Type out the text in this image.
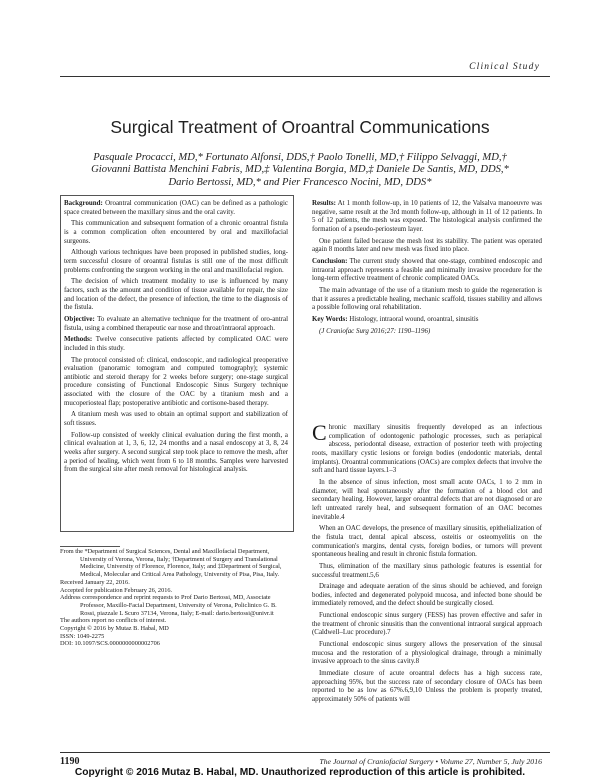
Clinical Study
Surgical Treatment of Oroantral Communications
Pasquale Procacci, MD,* Fortunato Alfonsi, DDS,† Paolo Tonelli, MD,† Filippo Selvaggi, MD,†
Giovanni Battista Menchini Fabris, MD,‡ Valentina Borgia, MD,‡ Daniele De Santis, MD, DDS,*
Dario Bertossi, MD,* and Pier Francesco Nocini, MD, DDS*

Background: Oroantral communication (OAC) can be defined as a pathologic space created between the maxillary sinus and the oral cavity.

This communication and subsequent formation of a chronic oroantral fistula is a common complication often encountered by oral and maxillofacial surgeons.

Although various techniques have been proposed in published studies, long-term successful closure of oroantral fistulas is still one of the most difficult problems confronting the surgeon working in the oral and maxillofacial region.

The decision of which treatment modality to use is influenced by many factors, such as the amount and condition of tissue available for repair, the size and location of the defect, the presence of infection, the time to the diagnosis of the fistula.

Objective: To evaluate an alternative technique for the treatment of oro-antral fistula, using a combined therapeutic ear nose and throat/intraoral approach.

Methods: Twelve consecutive patients affected by complicated OAC were included in this study.

The protocol consisted of: clinical, endoscopic, and radiological preoperative evaluation (panoramic tomogram and computed tomography); systemic antibiotic and steroid therapy for 2 weeks before surgery; one-stage surgical procedure consisting of Functional Endoscopic Sinus Surgery technique associated with the closure of the OAC by a titanium mesh and a mucoperiosteal flap; postoperative antibiotic and cortisone-based therapy.

A titanium mesh was used to obtain an optimal support and stabilization of soft tissues.

Follow-up consisted of weekly clinical evaluation during the first month, a clinical evaluation at 1, 3, 6, 12, 24 months and a nasal endoscopy at 3, 8, 24 weeks after surgery. A second surgical step took place to remove the mesh, after a period of healing, which went from 6 to 18 months. Samples were harvested from the surgical site after mesh removal for histological analysis.

Results: At 1 month follow-up, in 10 patients of 12, the Valsalva manoeuvre was negative, same result at the 3rd month follow-up, although in 11 of 12 patients. In 5 of 12 patients, the mesh was exposed. The histological analysis confirmed the formation of a pseudo-periosteum layer.

One patient failed because the mesh lost its stability. The patient was operated again 8 months later and new mesh was fixed into place.

Conclusion: The current study showed that one-stage, combined endoscopic and intraoral approach represents a feasible and minimally invasive procedure for the long-term effective treatment of chronic complicated OACs.

The main advantage of the use of a titanium mesh to guide the regeneration is that it assures a predictable healing, mechanic scaffold, tissues stability and allows a possible following oral rehabilitation.

Key Words: Histology, intraoral wound, oroantral, sinusitis

(J Craniofac Surg 2016;27: 1190–1196)

Chronic maxillary sinusitis frequently developed as an infectious complication of odontogenic pathologic processes, such as periapical abscess, periodontal disease, extraction of posterior teeth with projecting roots, maxillary cystic lesions or foreign bodies (endodontic materials, dental implants). Oroantral communications (OACs) are complex defects that involve the soft and hard tissue layers.1–3

In the absence of sinus infection, most small acute OACs, 1 to 2 mm in diameter, will heal spontaneously after the formation of a blood clot and secondary healing. However, larger oroantral defects that are not diagnosed or are left untreated rarely heal, and subsequent formation of an OAC becomes inevitable.4

When an OAC develops, the presence of maxillary sinusitis, epithelialization of the fistula tract, dental apical abscess, osteitis or osteomyelitis on the communication's margins, dental cysts, foreign bodies, or tumors will prevent spontaneous healing and result in chronic fistula formation.

Thus, elimination of the maxillary sinus pathologic features is essential for successful treatment.5,6

Drainage and adequate aeration of the sinus should be achieved, and foreign bodies, infected and degenerated polypoid mucosa, and infected bone should be immediately removed, and the defect should be surgically closed.

Functional endoscopic sinus surgery (FESS) has proven effective and safer in the treatment of chronic sinusitis than the conventional intraoral surgical approach (Caldwell–Luc procedure).7

Functional endoscopic sinus surgery allows the preservation of the sinusal mucosa and the restoration of a physiological drainage, through a minimally invasive approach to the sinus cavity.8

Immediate closure of acute oroantral defects has a high success rate, approaching 95%, but the success rate of secondary closure of OACs has been reported to be as low as 67%.6,9,10 Unless the problem is properly treated, approximately 50% of patients will

From the *Department of Surgical Sciences, Dental and Maxillofacial Department, University of Verona, Verona, Italy; †Department of Surgery and Translational Medicine, University of Florence, Florence, Italy; and ‡Department of Surgical, Medical, Molecular and Critical Area Pathology, University of Pisa, Pisa, Italy.
Received January 22, 2016.
Accepted for publication February 26, 2016.
Address correspondence and reprint requests to Prof Dario Bertossi, MD, Associate Professor, Maxillo-Facial Department, University of Verona, Policlinico G. B. Rossi, piazzale L Scuro 37134, Verona, Italy; E-mail: dario.bertossi@univr.it
The authors report no conflicts of interest.
Copyright © 2016 by Mutaz B. Habal, MD
ISSN: 1049-2275
DOI: 10.1097/SCS.0000000000002706
1190	The Journal of Craniofacial Surgery • Volume 27, Number 5, July 2016
Copyright © 2016 Mutaz B. Habal, MD. Unauthorized reproduction of this article is prohibited.
